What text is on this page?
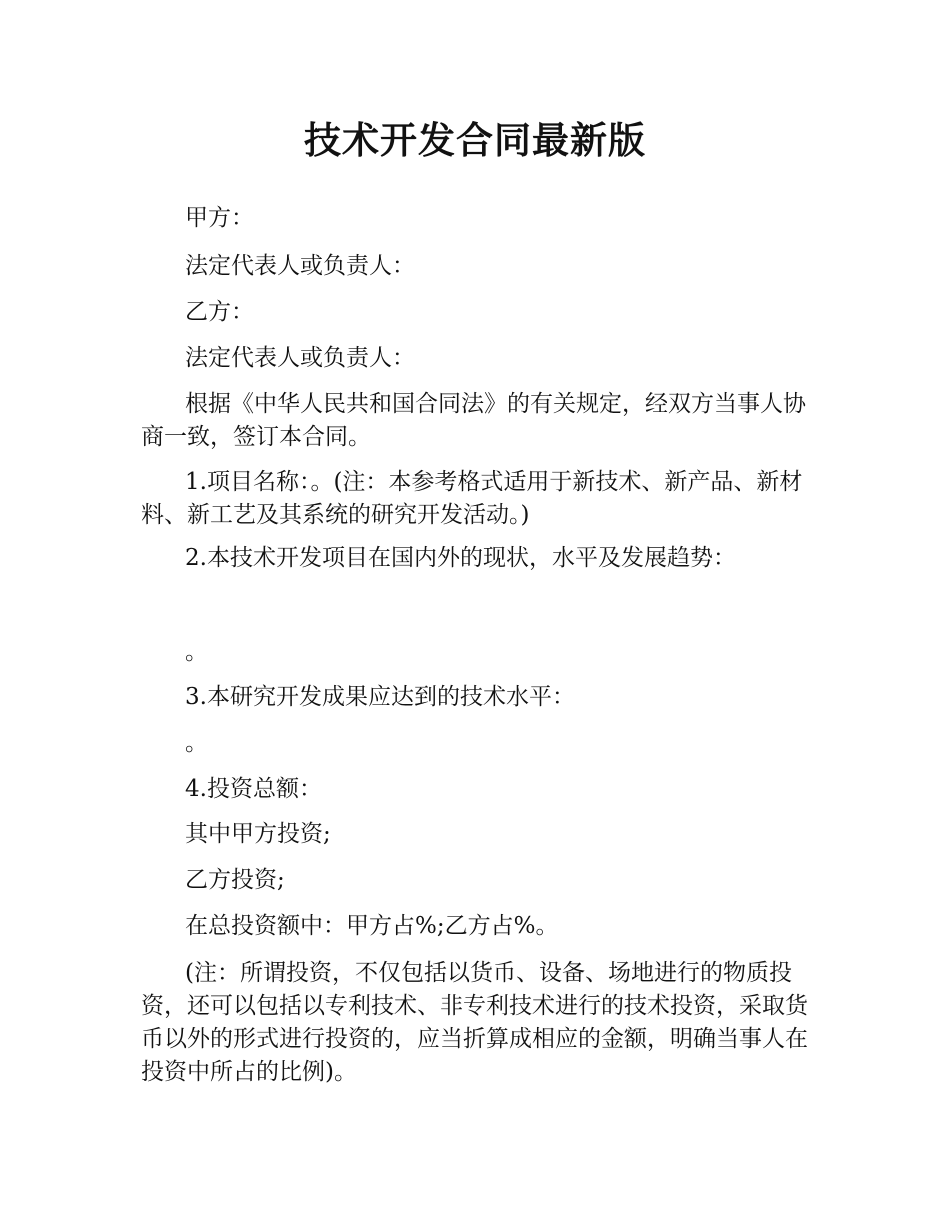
技术开发合同最新版

甲方：

法定代表人或负责人：

乙方：

法定代表人或负责人：

根据《中华人民共和国合同法》的有关规定，经双方当事人协商一致，签订本合同。

1.项目名称：。(注：本参考格式适用于新技术、新产品、新材料、新工艺及其系统的研究开发活动。)

2.本技术开发项目在国内外的现状，水平及发展趋势：

。

3.本研究开发成果应达到的技术水平：

。

4.投资总额：

其中甲方投资;

乙方投资;

在总投资额中：甲方占%;乙方占%。

(注：所谓投资，不仅包括以货币、设备、场地进行的物质投资，还可以包括以专利技术、非专利技术进行的技术投资，采取货币以外的形式进行投资的，应当折算成相应的金额，明确当事人在投资中所占的比例)。
